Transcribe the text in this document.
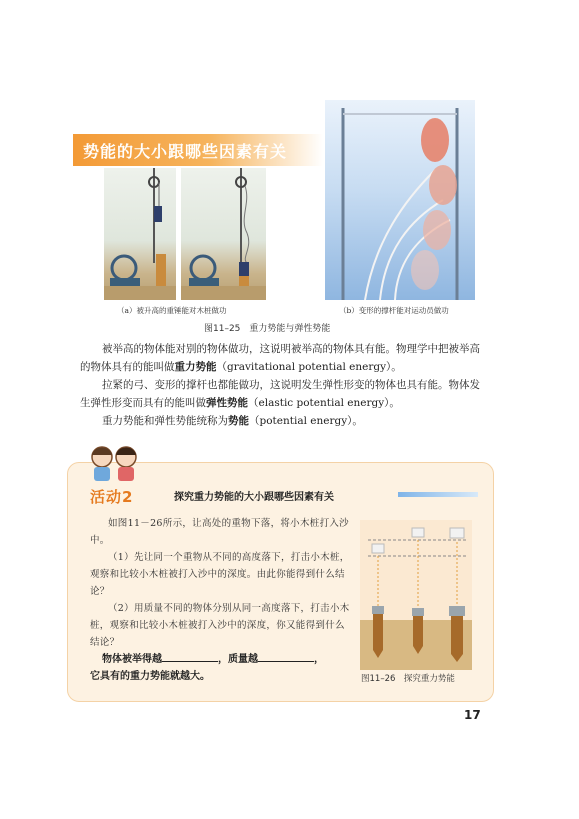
势能的大小跟哪些因素有关
（a）被升高的重锤能对木桩做功	（b）变形的撑杆能对运动员做功
图11–25　重力势能与弹性势能
被举高的物体能对别的物体做功，这说明被举高的物体具有能。物理学中把被举高的物体具有的能叫做重力势能（gravitational potential energy）。
拉紧的弓、变形的撑杆也都能做功，这说明发生弹性形变的物体也具有能。物体发生弹性形变而具有的能叫做弹性势能（elastic potential energy）。
重力势能和弹性势能统称为势能（potential energy）。
活动2	探究重力势能的大小跟哪些因素有关
如图11－26所示，让高处的重物下落，将小木桩打入沙中。
（1）先让同一个重物从不同的高度落下，打击小木桩，观察和比较小木桩被打入沙中的深度。由此你能得到什么结论？
（2）用质量不同的物体分别从同一高度落下，打击小木桩，观察和比较小木桩被打入沙中的深度，你又能得到什么结论？
物体被举得越	，质量越	，
它具有的重力势能就越大。	图11–26　探究重力势能
17
